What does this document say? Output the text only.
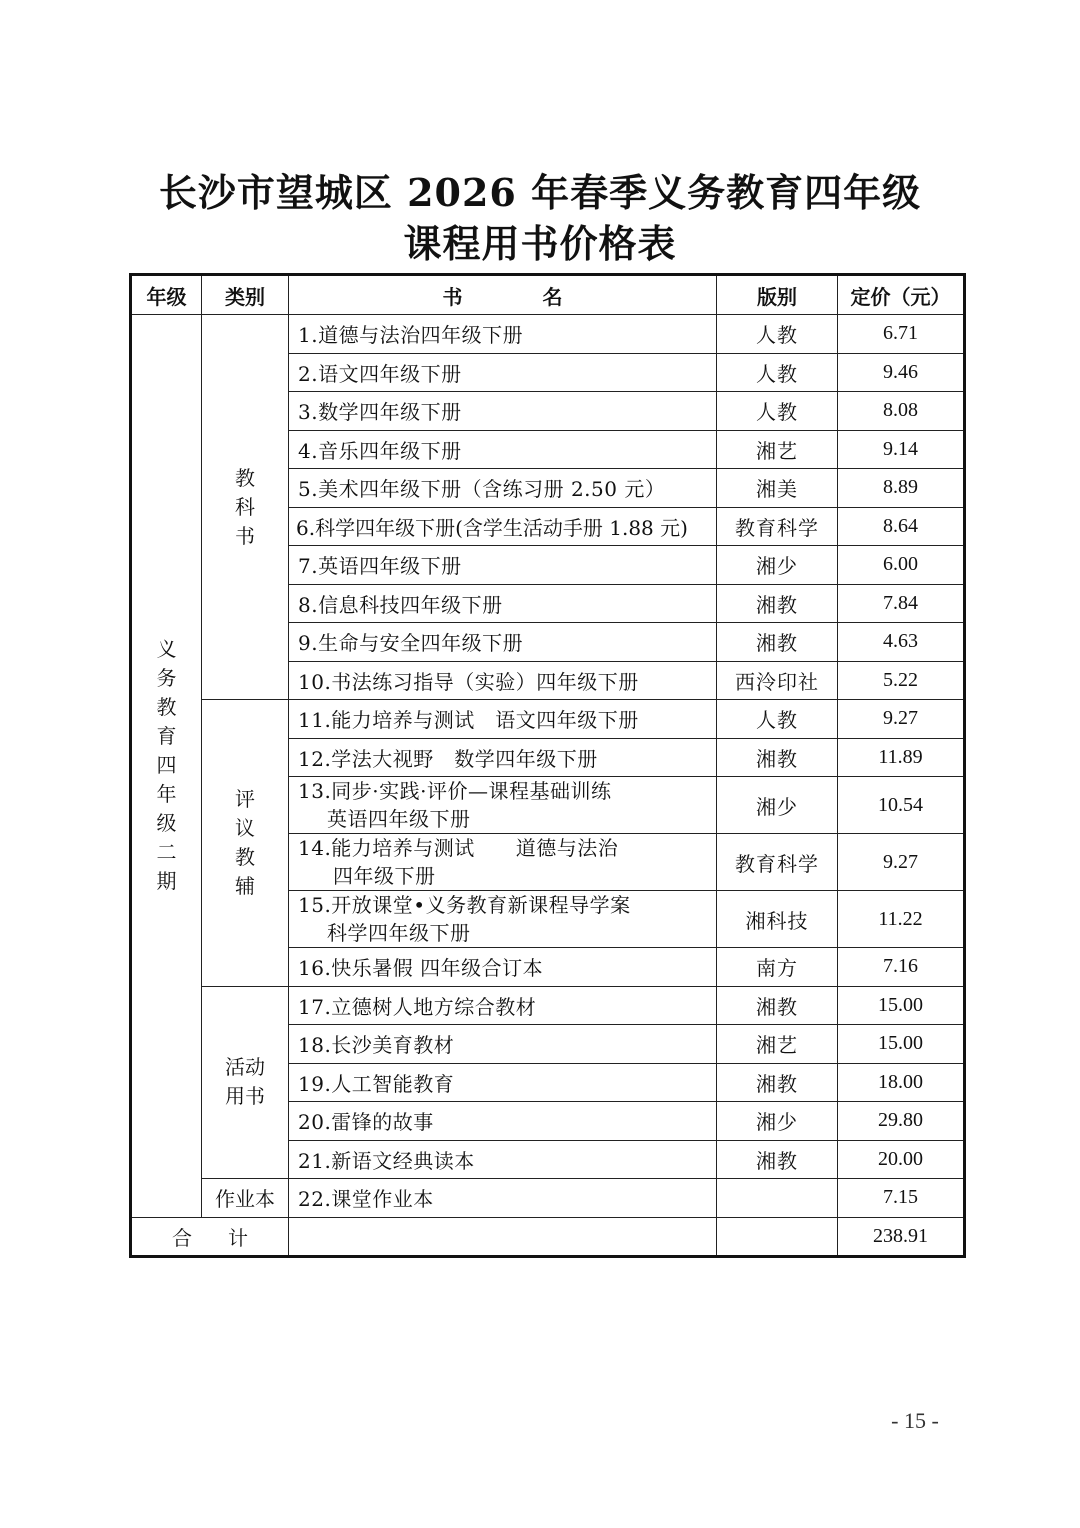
长沙市望城区 2026 年春季义务教育四年级
课程用书价格表
年级	类别	书　　　　名	版别	定价（元）
义务教育四年级二期	教科书	1.道德与法治四年级下册	人教	6.71
		2.语文四年级下册	人教	9.46
		3.数学四年级下册	人教	8.08
		4.音乐四年级下册	湘艺	9.14
		5.美术四年级下册（含练习册 2.50 元）	湘美	8.89
		6.科学四年级下册(含学生活动手册 1.88 元)	教育科学	8.64
		7.英语四年级下册	湘少	6.00
		8.信息科技四年级下册	湘教	7.84
		9.生命与安全四年级下册	湘教	4.63
		10.书法练习指导（实验）四年级下册	西泠印社	5.22
	评议教辅	11.能力培养与测试　语文四年级下册	人教	9.27
		12.学法大视野　数学四年级下册	湘教	11.89
		13.同步·实践·评价—课程基础训练
英语四年级下册	湘少	10.54
		14.能力培养与测试　　道德与法治
四年级下册	教育科学	9.27
		15.开放课堂•义务教育新课程导学案
科学四年级下册	湘科技	11.22
		16.快乐暑假 四年级合订本	南方	7.16
	活动用书	17.立德树人地方综合教材	湘教	15.00
		18.长沙美育教材	湘艺	15.00
		19.人工智能教育	湘教	18.00
		20.雷锋的故事	湘少	29.80
		21.新语文经典读本	湘教	20.00
	作业本	22.课堂作业本		7.15
合计				238.91
- 15 -
